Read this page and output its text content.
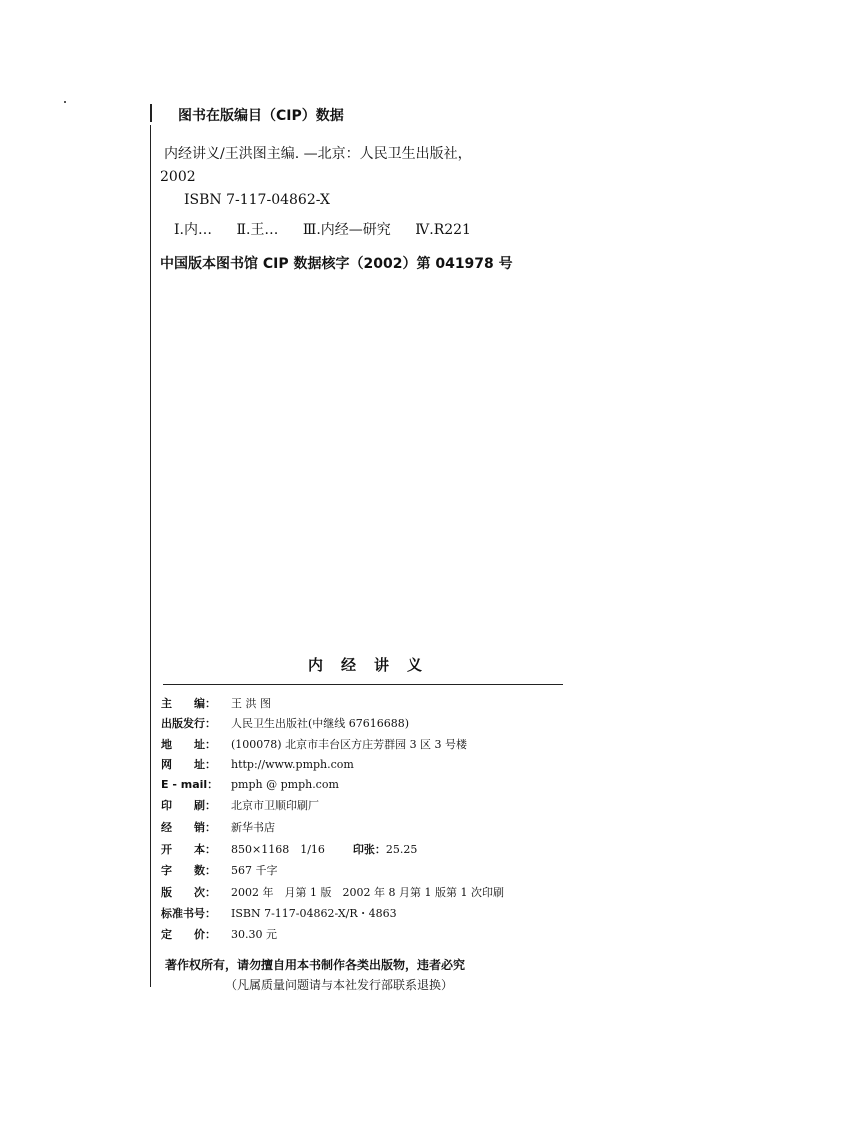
图书在版编目（CIP）数据
内经讲义/王洪图主编. —北京：人民卫生出版社，
2002
ISBN 7-117-04862-X
Ⅰ.内… Ⅱ.王… Ⅲ.内经—研究 Ⅳ.R221
中国版本图书馆 CIP 数据核字（2002）第 041978 号
内经讲义
主　　编： 王 洪 图
出版发行： 人民卫生出版社(中继线 67616688)
地　　址： (100078) 北京市丰台区方庄芳群园 3 区 3 号楼
网　　址： http://www.pmph.com
E - mail： pmph @ pmph.com
印　　刷： 北京市卫顺印刷厂
经　　销： 新华书店
开　　本： 850×1168　1/16	印张：25.25
字　　数： 567 千字
版　　次： 2002 年　月第 1 版　2002 年 8 月第 1 版第 1 次印刷
标准书号： ISBN 7-117-04862-X/R・4863
定　　价： 30.30 元
著作权所有，请勿擅自用本书制作各类出版物，违者必究
（凡属质量问题请与本社发行部联系退换）
